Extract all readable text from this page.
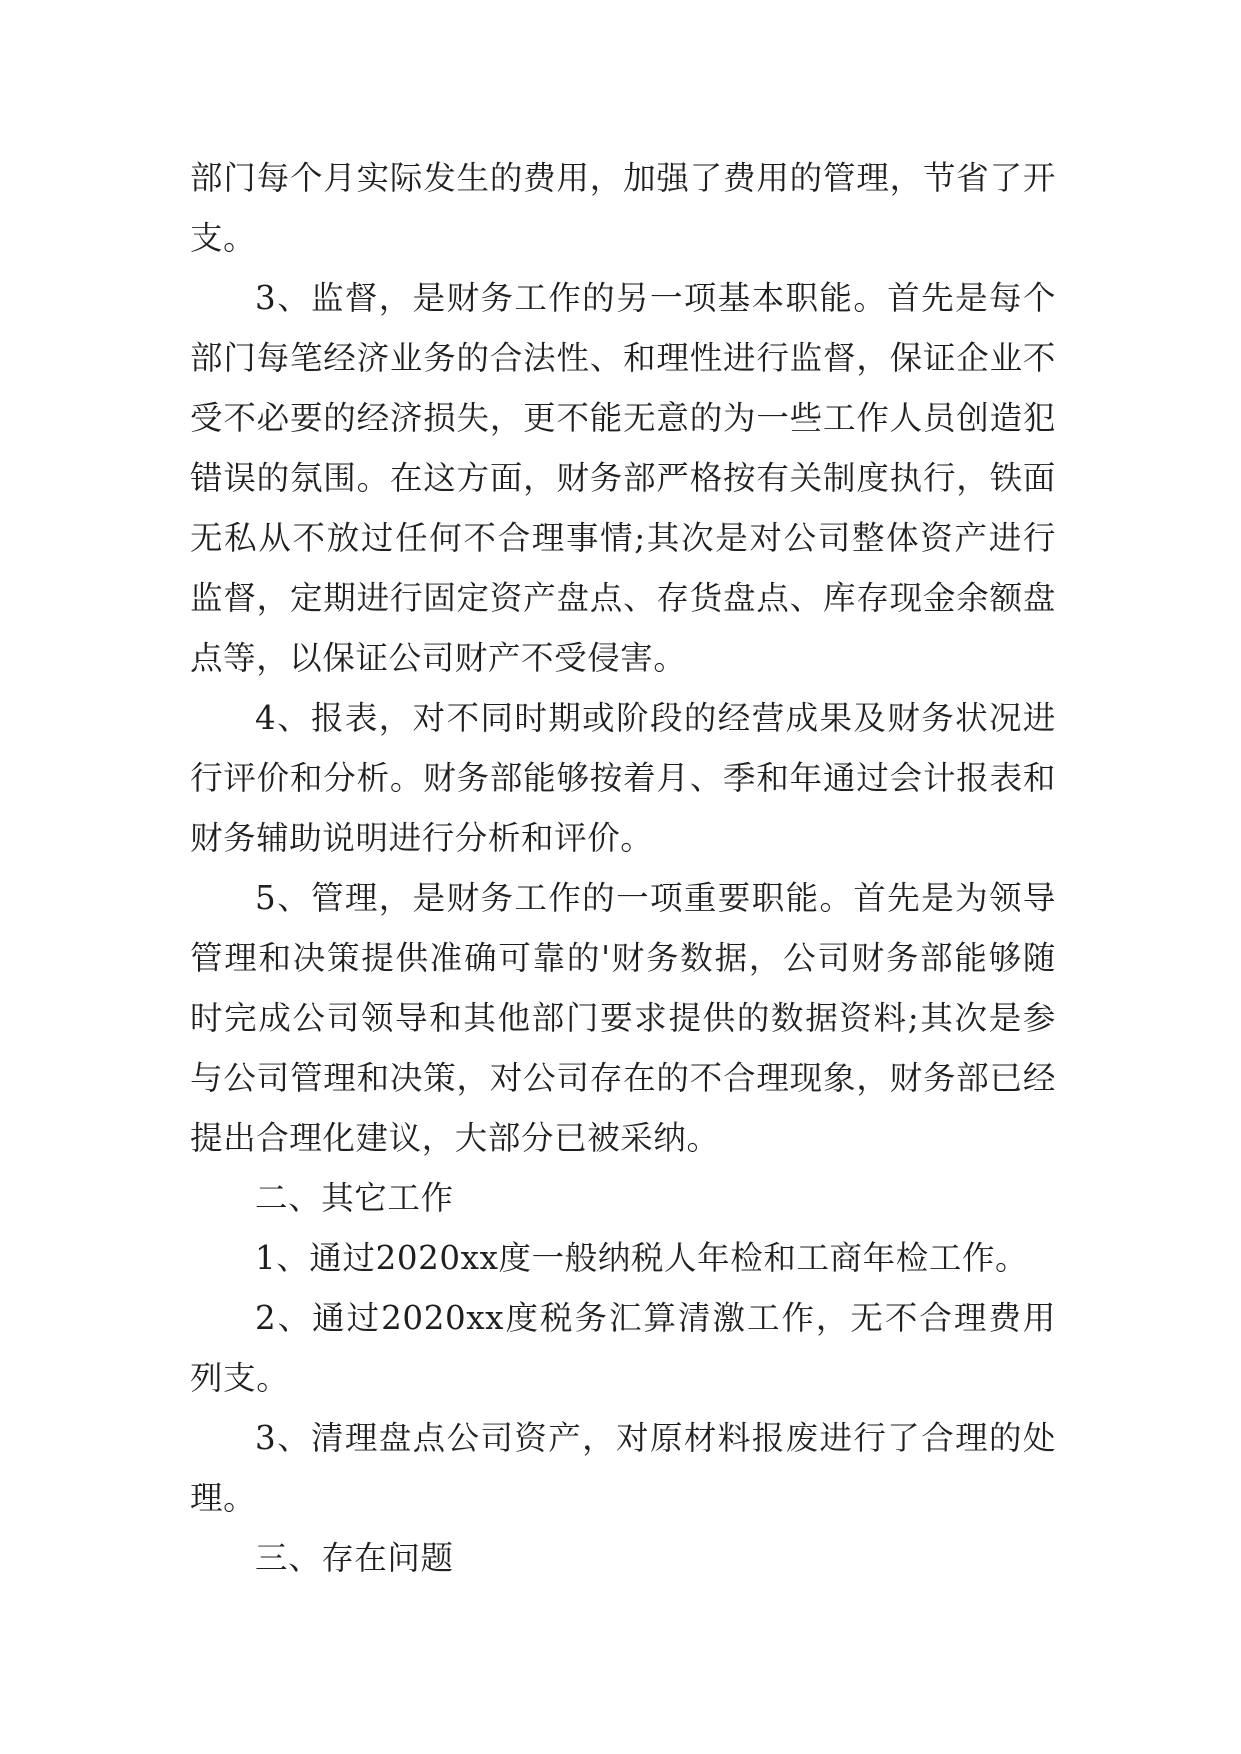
部门每个月实际发生的费用，加强了费用的管理，节省了开支。

3、监督，是财务工作的另一项基本职能。首先是每个部门每笔经济业务的合法性、和理性进行监督，保证企业不受不必要的经济损失，更不能无意的为一些工作人员创造犯错误的氛围。在这方面，财务部严格按有关制度执行，铁面无私从不放过任何不合理事情;其次是对公司整体资产进行监督，定期进行固定资产盘点、存货盘点、库存现金余额盘点等，以保证公司财产不受侵害。

4、报表，对不同时期或阶段的经营成果及财务状况进行评价和分析。财务部能够按着月、季和年通过会计报表和财务辅助说明进行分析和评价。

5、管理，是财务工作的一项重要职能。首先是为领导管理和决策提供准确可靠的'财务数据，公司财务部能够随时完成公司领导和其他部门要求提供的数据资料;其次是参与公司管理和决策，对公司存在的不合理现象，财务部已经提出合理化建议，大部分已被采纳。

二、其它工作

1、通过2020xx度一般纳税人年检和工商年检工作。

2、通过2020xx度税务汇算清激工作，无不合理费用列支。

3、清理盘点公司资产，对原材料报废进行了合理的处理。

三、存在问题
